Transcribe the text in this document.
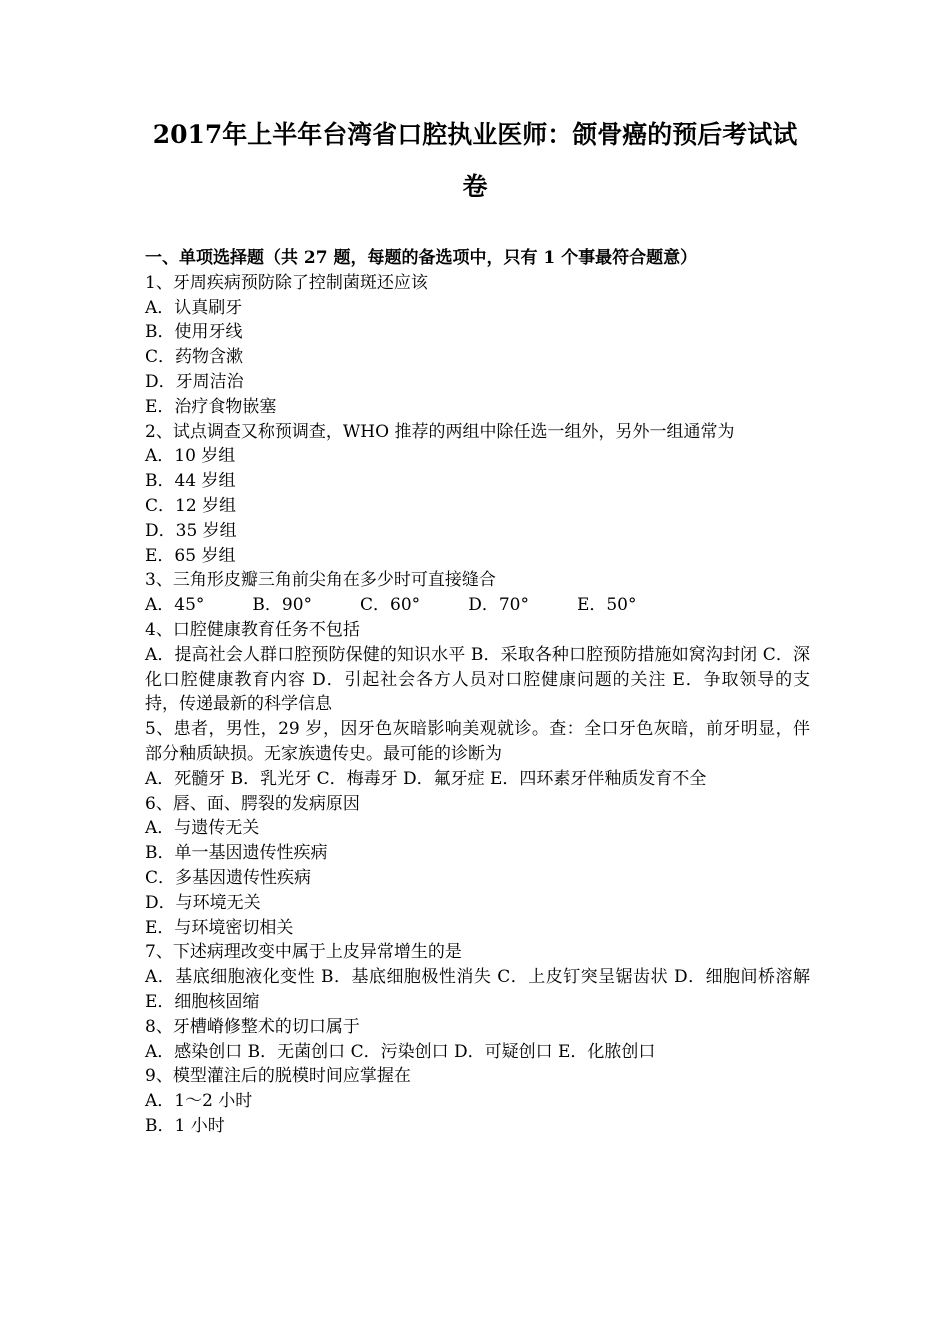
2017年上半年台湾省口腔执业医师：颌骨癌的预后考试试
卷
一、单项选择题（共 27 题，每题的备选项中，只有 1 个事最符合题意）
1、牙周疾病预防除了控制菌斑还应该
A．认真刷牙
B．使用牙线
C．药物含漱
D．牙周洁治
E．治疗食物嵌塞
2、试点调查又称预调查，WHO 推荐的两组中除任选一组外，另外一组通常为
A．10 岁组
B．44 岁组
C．12 岁组
D．35 岁组
E．65 岁组
3、三角形皮瓣三角前尖角在多少时可直接缝合
A．45°	B．90°	C．60°	D．70°	E．50°
4、口腔健康教育任务不包括
A．提高社会人群口腔预防保健的知识水平 B．采取各种口腔预防措施如窝沟封闭 C．深化口腔健康教育内容 D．引起社会各方人员对口腔健康问题的关注 E．争取领导的支持，传递最新的科学信息
5、患者，男性，29 岁，因牙色灰暗影响美观就诊。查：全口牙色灰暗，前牙明显，伴部分釉质缺损。无家族遗传史。最可能的诊断为
A．死髓牙 B．乳光牙 C．梅毒牙 D．氟牙症 E．四环素牙伴釉质发育不全
6、唇、面、腭裂的发病原因
A．与遗传无关
B．单一基因遗传性疾病
C．多基因遗传性疾病
D．与环境无关
E．与环境密切相关
7、下述病理改变中属于上皮异常增生的是
A．基底细胞液化变性 B．基底细胞极性消失 C．上皮钉突呈锯齿状 D．细胞间桥溶解 E．细胞核固缩
8、牙槽嵴修整术的切口属于
A．感染创口 B．无菌创口 C．污染创口 D．可疑创口 E．化脓创口
9、模型灌注后的脱模时间应掌握在
A．1～2 小时
B．1 小时
